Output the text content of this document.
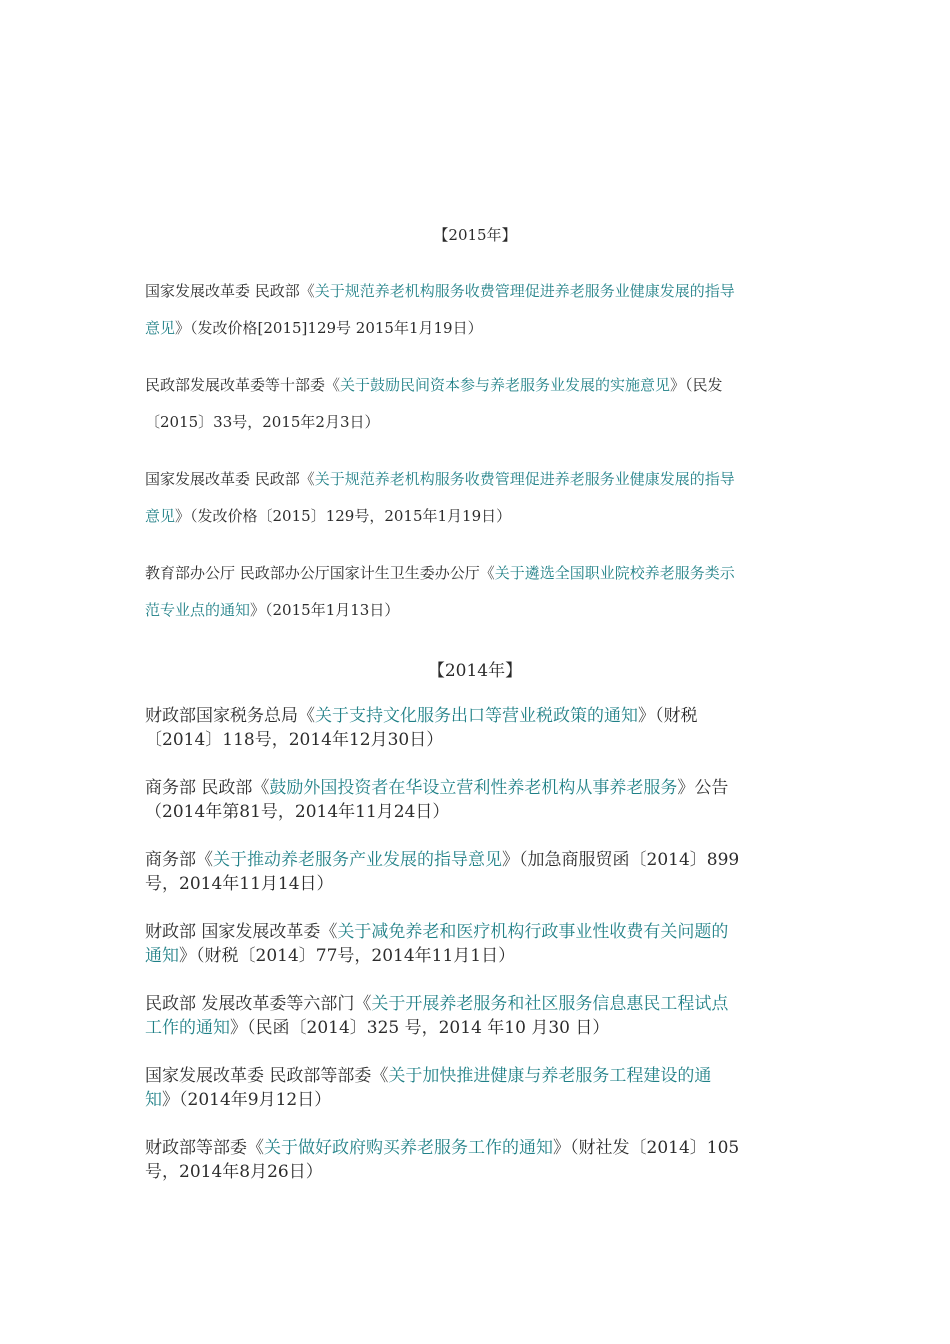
【2015年】
国家发展改革委 民政部《关于规范养老机构服务收费管理促进养老服务业健康发展的指导
意见》（发改价格[2015]129号 2015年1月19日）
民政部发展改革委等十部委《关于鼓励民间资本参与养老服务业发展的实施意见》（民发
〔2015〕33号，2015年2月3日）
国家发展改革委 民政部《关于规范养老机构服务收费管理促进养老服务业健康发展的指导
意见》（发改价格〔2015〕129号，2015年1月19日）
教育部办公厅 民政部办公厅国家计生卫生委办公厅《关于遴选全国职业院校养老服务类示
范专业点的通知》（2015年1月13日）
【2014年】
财政部国家税务总局《关于支持文化服务出口等营业税政策的通知》（财税
〔2014〕118号，2014年12月30日）
商务部 民政部《鼓励外国投资者在华设立营利性养老机构从事养老服务》公告
（2014年第81号，2014年11月24日）
商务部《关于推动养老服务产业发展的指导意见》（加急商服贸函〔2014〕899
号，2014年11月14日）
财政部 国家发展改革委《关于减免养老和医疗机构行政事业性收费有关问题的
通知》（财税〔2014〕77号，2014年11月1日）
民政部 发展改革委等六部门《关于开展养老服务和社区服务信息惠民工程试点
工作的通知》（民函〔2014〕325 号，2014 年10 月30 日）
国家发展改革委 民政部等部委《关于加快推进健康与养老服务工程建设的通
知》（2014年9月12日）
财政部等部委《关于做好政府购买养老服务工作的通知》（财社发〔2014〕105
号，2014年8月26日）
